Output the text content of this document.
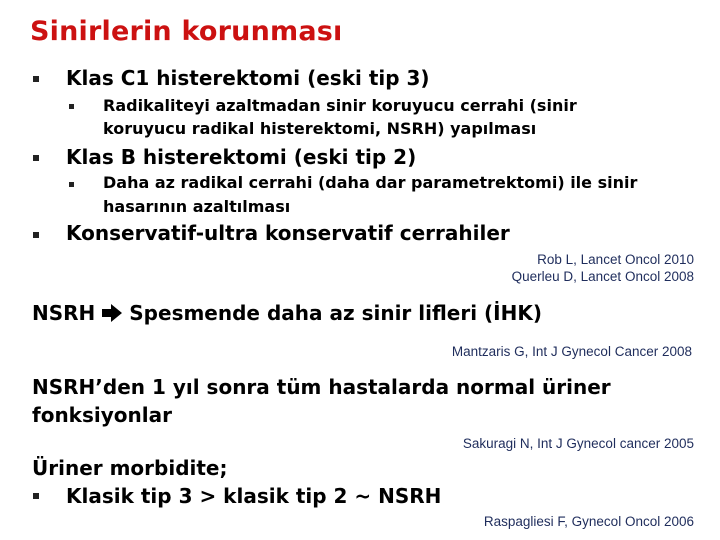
Sinirlerin korunması
Klas C1 histerektomi (eski tip 3)
Radikaliteyi azaltmadan sinir koruyucu cerrahi (sinir
koruyucu radikal histerektomi, NSRH) yapılması
Klas B histerektomi (eski tip 2)
Daha az radikal cerrahi (daha dar parametrektomi) ile sinir
hasarının azaltılması
Konservatif-ultra konservatif cerrahiler
Rob L, Lancet Oncol 2010
Querleu D, Lancet Oncol 2008
NSRH Spesmende daha az sinir lifleri (İHK)
Mantzaris G, Int J Gynecol Cancer 2008
NSRH’den 1 yıl sonra tüm hastalarda normal üriner
fonksiyonlar
Sakuragi N, Int J Gynecol cancer 2005
Üriner morbidite;
Klasik tip 3 > klasik tip 2 ~ NSRH
Raspagliesi F, Gynecol Oncol 2006
